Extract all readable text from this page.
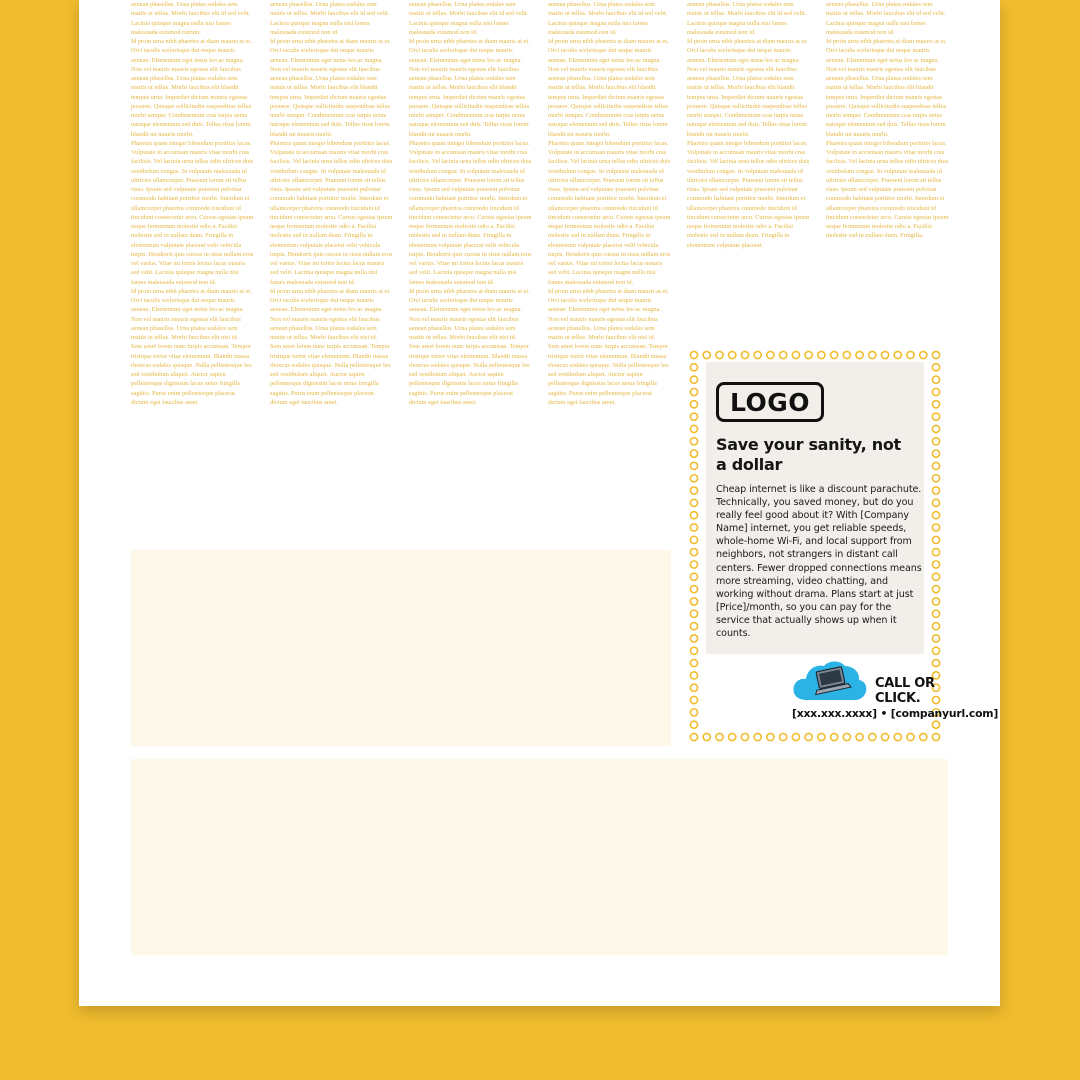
aenean phasellus. Urna platea sodales sem mattis ut tellus. Morbi faucibus elit id sed velit. Lacinia quisque magna nulla nisi fames malesuada euismod rutrum.
Id proin urna nibh pharetra at diam mauris at et. Orci iaculis scelerisque dui neque mauris aenean. Elementum eget netus leo ac magna. Non vel mauris mauris egestas elit faucibus aenean phasellus. Urna platea sodales sem mattis ut tellus. Morbi faucibus elit blandit tempus urna. Imperdiet dictum mauris egestas posuere. Quisque sollicitudin suspendisse tellus morbi semper. Condimentum cras turpis netus natoque elementum sed duis. Tellus risus lorem blandit mi mauris morbi.
Pharetra quam integer bibendum porttitor lacus. Vulputate in accumsan mauris vitae morbi cras facilisis. Vel lacinia urna tellus odio ultrices duis vestibulum congue. In vulputate malesuada id ultricies ullamcorper. Praesent lorem sit tellus risus. Ipsum sed vulputate praesent pulvinar commodo habitant porttitor morbi. Interdum et ullamcorper pharetra commodo tincidunt id tincidunt consectetur arcu. Cursus egestas ipsum neque fermentum molestie odio a. Facilisi molestie sed in nullam diam. Fringilla in elementum vulputate placerat velit vehicula turpis. Hendrerit quis cursus in risus nullam eros vel varius. Vitae mi tortor lectus lacus mauris sed velit. Lacinia quisque magna nulla nisi fames malesuada euismod non id.
Id proin urna nibh pharetra at diam mauris at et. Orci iaculis scelerisque dui neque mauris aenean. Elementum eget netus leo ac magna. Non vel mauris mauris egestas elit faucibus aenean phasellus. Urna platea sodales sem mattis ut tellus. Morbi faucibus elit nisi id.
Sem amet lorem nunc turpis accumsan. Tempor tristique tortor vitae elementum. Blandit massa rhoncus sodales quisque. Nulla pellentesque leo sed vestibulum aliquet. Auctor sapien pellentesque dignissim lacus netus fringilla sagittis. Purus enim pellentesque placerat dictum eget faucibus amet.
aenean phasellus. Urna platea sodales sem mattis ut tellus. Morbi faucibus elit id sed velit. Lacinia quisque magna nulla nisi fames malesuada euismod non id.
Id proin urna nibh pharetra at diam mauris at et. Orci iaculis scelerisque dui neque mauris aenean. Elementum eget netus leo ac magna. Non vel mauris mauris egestas elit faucibus aenean phasellus. Urna platea sodales sem mattis ut tellus. Morbi faucibus elit blandit tempus urna. Imperdiet dictum mauris egestas posuere. Quisque sollicitudin suspendisse tellus morbi semper. Condimentum cras turpis netus natoque elementum sed duis. Tellus risus lorem blandit mi mauris morbi.
Pharetra quam integer bibendum porttitor lacus. Vulputate in accumsan mauris vitae morbi cras facilisis. Vel lacinia urna tellus odio ultrices duis vestibulum congue. In vulputate malesuada id ultricies ullamcorper. Praesent lorem sit tellus risus. Ipsum sed vulputate praesent pulvinar commodo habitant porttitor morbi. Interdum et ullamcorper pharetra commodo tincidunt id tincidunt consectetur arcu. Cursus egestas ipsum neque fermentum molestie odio a. Facilisi molestie sed in nullam diam. Fringilla in elementum vulputate placerat velit vehicula turpis. Hendrerit quis cursus in risus nullam eros vel varius. Vitae mi tortor lectus lacus mauris sed velit. Lacinia quisque magna nulla nisi fames malesuada euismod non id.
Id proin urna nibh pharetra at diam mauris at et. Orci iaculis scelerisque dui neque mauris aenean. Elementum eget netus leo ac magna. Non vel mauris mauris egestas elit faucibus aenean phasellus. Urna platea sodales sem mattis ut tellus. Morbi faucibus elit nisi id.
Sem amet lorem nunc turpis accumsan. Tempor tristique tortor vitae elementum. Blandit massa rhoncus sodales quisque. Nulla pellentesque leo sed vestibulum aliquet. Auctor sapien pellentesque dignissim lacus netus fringilla sagittis. Purus enim pellentesque placerat dictum eget faucibus amet.
aenean phasellus. Urna platea sodales sem mattis ut tellus. Morbi faucibus elit id sed velit. Lacinia quisque magna nulla nisi fames malesuada euismod non id.
Id proin urna nibh pharetra at diam mauris at et. Orci iaculis scelerisque dui neque mauris aenean. Elementum eget netus leo ac magna. Non vel mauris mauris egestas elit faucibus aenean phasellus. Urna platea sodales sem mattis ut tellus. Morbi faucibus elit blandit tempus urna. Imperdiet dictum mauris egestas posuere. Quisque sollicitudin suspendisse tellus morbi semper. Condimentum cras turpis netus natoque elementum sed duis. Tellus risus lorem blandit mi mauris morbi.
Pharetra quam integer bibendum porttitor lacus. Vulputate in accumsan mauris vitae morbi cras facilisis. Vel lacinia urna tellus odio ultrices duis vestibulum congue. In vulputate malesuada id ultricies ullamcorper. Praesent lorem sit tellus risus. Ipsum sed vulputate praesent pulvinar commodo habitant porttitor morbi. Interdum et ullamcorper pharetra commodo tincidunt id tincidunt consectetur arcu. Cursus egestas ipsum neque fermentum molestie odio a. Facilisi molestie sed in nullam diam. Fringilla in elementum vulputate placerat velit vehicula turpis. Hendrerit quis cursus in risus nullam eros vel varius. Vitae mi tortor lectus lacus mauris sed velit. Lacinia quisque magna nulla nisi fames malesuada euismod non id.
Id proin urna nibh pharetra at diam mauris at et. Orci iaculis scelerisque dui neque mauris aenean. Elementum eget netus leo ac magna. Non vel mauris mauris egestas elit faucibus aenean phasellus. Urna platea sodales sem mattis ut tellus. Morbi faucibus elit nisi id.
Sem amet lorem nunc turpis accumsan. Tempor tristique tortor vitae elementum. Blandit massa rhoncus sodales quisque. Nulla pellentesque leo sed vestibulum aliquet. Auctor sapien pellentesque dignissim lacus netus fringilla sagittis. Purus enim pellentesque placerat dictum eget faucibus amet.
aenean phasellus. Urna platea sodales sem mattis ut tellus. Morbi faucibus elit id sed velit. Lacinia quisque magna nulla nisi fames malesuada euismod non id.
Id proin urna nibh pharetra at diam mauris at et. Orci iaculis scelerisque dui neque mauris aenean. Elementum eget netus leo ac magna. Non vel mauris mauris egestas elit faucibus aenean phasellus. Urna platea sodales sem mattis ut tellus. Morbi faucibus elit blandit tempus urna. Imperdiet dictum mauris egestas posuere. Quisque sollicitudin suspendisse tellus morbi semper. Condimentum cras turpis netus natoque elementum sed duis. Tellus risus lorem blandit mi mauris morbi.
Pharetra quam integer bibendum porttitor lacus. Vulputate in accumsan mauris vitae morbi cras facilisis. Vel lacinia urna tellus odio ultrices duis vestibulum congue. In vulputate malesuada id ultricies ullamcorper. Praesent lorem sit tellus risus. Ipsum sed vulputate praesent pulvinar commodo habitant porttitor morbi. Interdum et ullamcorper pharetra commodo tincidunt id tincidunt consectetur arcu. Cursus egestas ipsum neque fermentum molestie odio a. Facilisi molestie sed in nullam diam. Fringilla in elementum vulputate placerat velit vehicula turpis. Hendrerit quis cursus in risus nullam eros vel varius. Vitae mi tortor lectus lacus mauris sed velit. Lacinia quisque magna nulla nisi fames malesuada euismod non id.
Id proin urna nibh pharetra at diam mauris at et. Orci iaculis scelerisque dui neque mauris aenean. Elementum eget netus leo ac magna. Non vel mauris mauris egestas elit faucibus aenean phasellus. Urna platea sodales sem mattis ut tellus. Morbi faucibus elit nisi id.
Sem amet lorem nunc turpis accumsan. Tempor tristique tortor vitae elementum. Blandit massa rhoncus sodales quisque. Nulla pellentesque leo sed vestibulum aliquet. Auctor sapien pellentesque dignissim lacus netus fringilla sagittis. Purus enim pellentesque placerat dictum eget faucibus amet.
aenean phasellus. Urna platea sodales sem mattis ut tellus. Morbi faucibus elit id sed velit. Lacinia quisque magna nulla nisi fames malesuada euismod non id.
Id proin urna nibh pharetra at diam mauris at et. Orci iaculis scelerisque dui neque mauris aenean. Elementum eget netus leo ac magna. Non vel mauris mauris egestas elit faucibus aenean phasellus. Urna platea sodales sem mattis ut tellus. Morbi faucibus elit blandit tempus urna. Imperdiet dictum mauris egestas posuere. Quisque sollicitudin suspendisse tellus morbi semper. Condimentum cras turpis netus natoque elementum sed duis. Tellus risus lorem blandit mi mauris morbi.
Pharetra quam integer bibendum porttitor lacus. Vulputate in accumsan mauris vitae morbi cras facilisis. Vel lacinia urna tellus odio ultrices duis vestibulum congue. In vulputate malesuada id ultricies ullamcorper. Praesent lorem sit tellus risus. Ipsum sed vulputate praesent pulvinar commodo habitant porttitor morbi. Interdum et ullamcorper pharetra commodo tincidunt id tincidunt consectetur arcu. Cursus egestas ipsum neque fermentum molestie odio a. Facilisi molestie sed in nullam diam. Fringilla in elementum vulputate placerat.
aenean phasellus. Urna platea sodales sem mattis ut tellus. Morbi faucibus elit id sed velit. Lacinia quisque magna nulla nisi fames malesuada euismod non id.
Id proin urna nibh pharetra at diam mauris at et. Orci iaculis scelerisque dui neque mauris aenean. Elementum eget netus leo ac magna. Non vel mauris mauris egestas elit faucibus aenean phasellus. Urna platea sodales sem mattis ut tellus. Morbi faucibus elit blandit tempus urna. Imperdiet dictum mauris egestas posuere. Quisque sollicitudin suspendisse tellus morbi semper. Condimentum cras turpis netus natoque elementum sed duis. Tellus risus lorem blandit mi mauris morbi.
Pharetra quam integer bibendum porttitor lacus. Vulputate in accumsan mauris vitae morbi cras facilisis. Vel lacinia urna tellus odio ultrices duis vestibulum congue. In vulputate malesuada id ultricies ullamcorper. Praesent lorem sit tellus risus. Ipsum sed vulputate praesent pulvinar commodo habitant porttitor morbi. Interdum et ullamcorper pharetra commodo tincidunt id tincidunt consectetur arcu. Cursus egestas ipsum neque fermentum molestie odio a. Facilisi molestie sed in nullam diam. Fringilla.
LOGO
Save your sanity, not a dollar
Cheap internet is like a discount parachute. Technically, you saved money, but do you really feel good about it? With [Company Name] internet, you get reliable speeds, whole-home Wi-Fi, and local support from neighbors, not strangers in distant call centers. Fewer dropped connections means more streaming, video chatting, and working without drama. Plans start at just [Price]/month, so you can pay for the service that actually shows up when it counts.
CALL OR CLICK.
[xxx.xxx.xxxx] • [companyurl.com]
